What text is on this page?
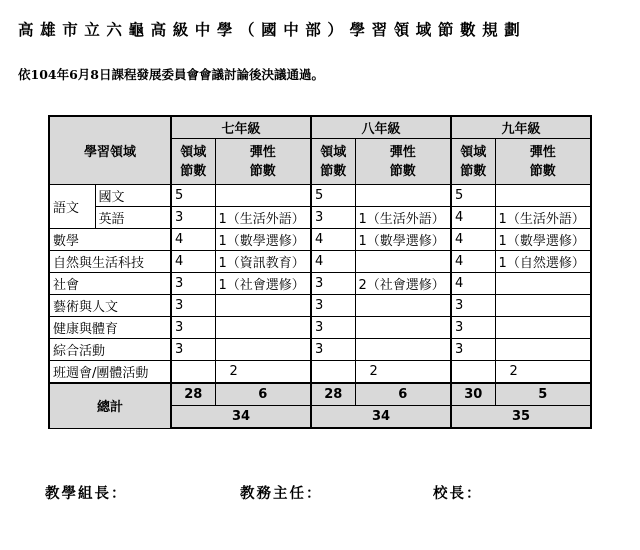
高雄市立六龜高級中學（國中部）學習領域節數規劃
依104年6月8日課程發展委員會會議討論後決議通過。
學習領域		七年級		八年級		九年級	
		領域節數	彈性節數	領域節數	彈性節數	領域節數	彈性節數
語文	國文	5		5		5	
	英語	3	1（生活外語）	3	1（生活外語）	4	1（生活外語）
數學		4	1（數學選修）	4	1（數學選修）	4	1（數學選修）
自然與生活科技		4	1（資訊教育）	4		4	1（自然選修）
社會		3	1（社會選修）	3	2（社會選修）	4	
藝術與人文		3		3		3	
健康與體育		3		3		3	
綜合活動		3		3		3	
班週會/團體活動			2		2		2
總計		28	6	28	6	30	5
		34		34		35	
教學組長：	教務主任：	校長：
